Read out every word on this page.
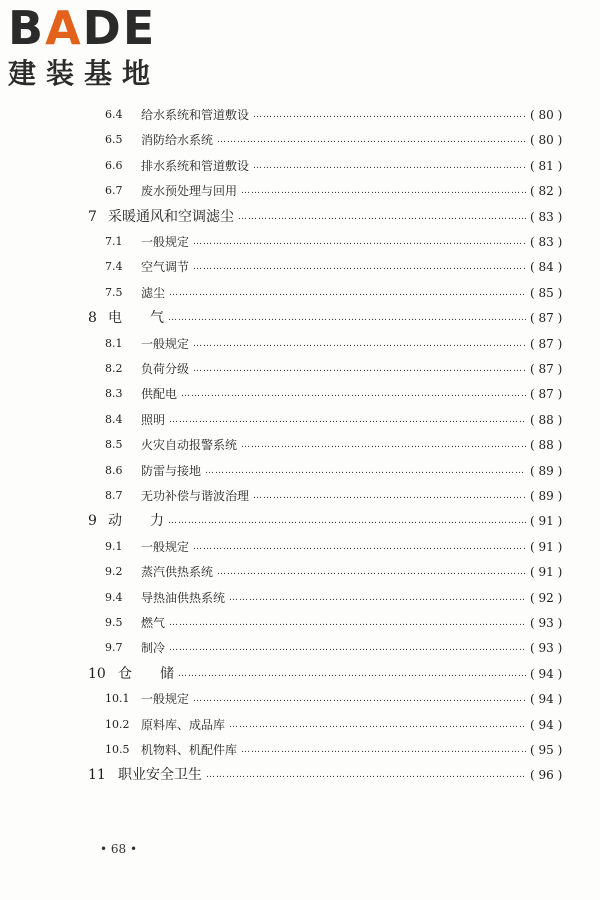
BADE
建装基地
6.4	给水系统和管道敷设 …………………………………………………………………………………………………………………………………………………………………………	( 80 )
6.5	消防给水系统 …………………………………………………………………………………………………………………………………………………………………………	( 80 )
6.6	排水系统和管道敷设 …………………………………………………………………………………………………………………………………………………………………………	( 81 )
6.7	废水预处理与回用 …………………………………………………………………………………………………………………………………………………………………………	( 82 )
7 采暖通风和空调滤尘 …………………………………………………………………………………………………………………………………………………………………………	( 83 )
7.1	一般规定 …………………………………………………………………………………………………………………………………………………………………………	( 83 )
7.4	空气调节 …………………………………………………………………………………………………………………………………………………………………………	( 84 )
7.5	滤尘 …………………………………………………………………………………………………………………………………………………………………………	( 85 )
8 电　　气 …………………………………………………………………………………………………………………………………………………………………………	( 87 )
8.1	一般规定 …………………………………………………………………………………………………………………………………………………………………………	( 87 )
8.2	负荷分级 …………………………………………………………………………………………………………………………………………………………………………	( 87 )
8.3	供配电 …………………………………………………………………………………………………………………………………………………………………………	( 87 )
8.4	照明 …………………………………………………………………………………………………………………………………………………………………………	( 88 )
8.5	火灾自动报警系统 …………………………………………………………………………………………………………………………………………………………………………	( 88 )
8.6	防雷与接地 …………………………………………………………………………………………………………………………………………………………………………	( 89 )
8.7	无功补偿与谐波治理 …………………………………………………………………………………………………………………………………………………………………………	( 89 )
9 动　　力 …………………………………………………………………………………………………………………………………………………………………………	( 91 )
9.1	一般规定 …………………………………………………………………………………………………………………………………………………………………………	( 91 )
9.2	蒸汽供热系统 …………………………………………………………………………………………………………………………………………………………………………	( 91 )
9.4	导热油供热系统 …………………………………………………………………………………………………………………………………………………………………………	( 92 )
9.5	燃气 …………………………………………………………………………………………………………………………………………………………………………	( 93 )
9.7	制冷 …………………………………………………………………………………………………………………………………………………………………………	( 93 )
10 仓　　储 …………………………………………………………………………………………………………………………………………………………………………	( 94 )
10.1 一般规定 …………………………………………………………………………………………………………………………………………………………………………	( 94 )
10.2 原料库、成品库 …………………………………………………………………………………………………………………………………………………………………………	( 94 )
10.5 机物料、机配件库 …………………………………………………………………………………………………………………………………………………………………………	( 95 )
11 职业安全卫生 …………………………………………………………………………………………………………………………………………………………………………	( 96 )
• 68 •
